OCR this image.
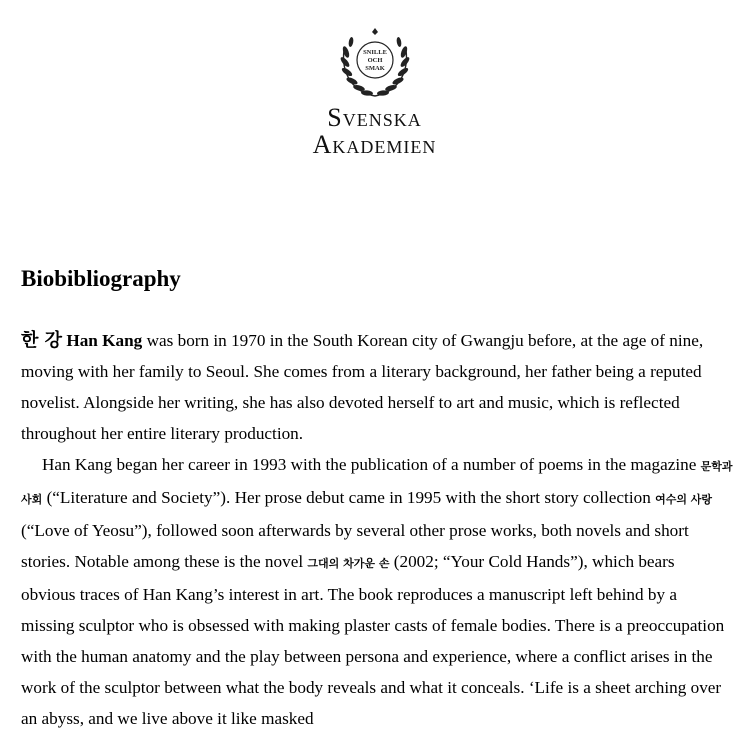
SNILLE
OCH
SMAK
Svenska
Akademien
Biobibliography

한 강 Han Kang was born in 1970 in the South Korean city of Gwangju before, at the age of nine, moving with her family to Seoul. She comes from a literary background, her father being a reputed novelist. Alongside her writing, she has also devoted herself to art and music, which is reflected throughout her entire literary production.

Han Kang began her career in 1993 with the publication of a number of poems in the magazine 문학과사회 (“Literature and Society”). Her prose debut came in 1995 with the short story collection 여수의 사랑 (“Love of Yeosu”), followed soon afterwards by several other prose works, both novels and short stories. Notable among these is the novel 그대의 차가운 손 (2002; “Your Cold Hands”), which bears obvious traces of Han Kang’s interest in art. The book reproduces a manuscript left behind by a missing sculptor who is obsessed with making plaster casts of female bodies. There is a preoccupation with the human anatomy and the play between persona and experience, where a conflict arises in the work of the sculptor between what the body reveals and what it conceals. ‘Life is a sheet arching over an abyss, and we live above it like masked
